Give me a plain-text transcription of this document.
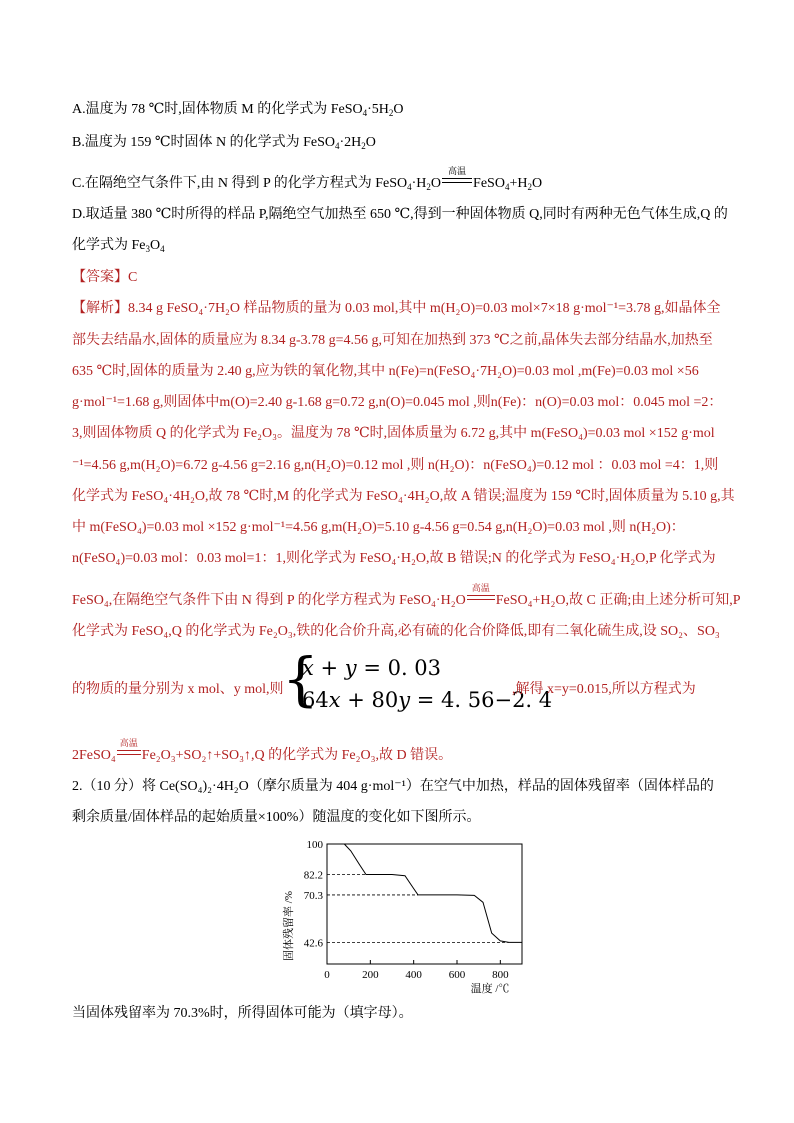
A.温度为 78 ℃时,固体物质 M 的化学式为 $FeSO_4\cdot 5H_2O$
B.温度为 159 ℃时固体 N 的化学式为 $FeSO_4\cdot 2H_2O$
C.在隔绝空气条件下,由 N 得到 P 的化学方程式为 $FeSO_4\cdot H_2O$
高温
$FeSO_4+H_2O$
D.取适量 380 ℃时所得的样品 P,隔绝空气加热至 650 ℃,得到一种固体物质 Q,同时有两种无色气体生成,Q 的
化学式为 $Fe_3O_4$
【答案】C
【解析】8.34 g FeSO₄·7H₂O 样品物质的量为 0.03 mol,其中 m(H₂O)=0.03 mol×7×18 g·mol⁻¹=3.78 g,如晶体全
部失去结晶水,固体的质量应为 8.34 g-3.78 g=4.56 g,可知在加热到 373 ℃之前,晶体失去部分结晶水,加热至
635 ℃时,固体的质量为 2.40 g,应为铁的氧化物,其中 n(Fe)=n(FeSO₄·7H₂O)=0.03 mol ,m(Fe)=0.03 mol ×56
g·mol⁻¹=1.68 g,则固体中m(O)=2.40 g-1.68 g=0.72 g,n(O)=0.045 mol ,则n(Fe)：n(O)=0.03 mol：0.045 mol =2：
3,则固体物质 Q 的化学式为 Fe₂O₃。温度为 78 ℃时,固体质量为 6.72 g,其中 m(FeSO₄)=0.03 mol ×152 g·mol
⁻¹=4.56 g,m(H₂O)=6.72 g-4.56 g=2.16 g,n(H₂O)=0.12 mol ,则 n(H₂O)：n(FeSO₄)=0.12 mol ：0.03 mol =4：1,则
化学式为 FeSO₄·4H₂O,故 78 ℃时,M 的化学式为 FeSO₄·4H₂O,故 A 错误;温度为 159 ℃时,固体质量为 5.10 g,其
中 m(FeSO₄)=0.03 mol ×152 g·mol⁻¹=4.56 g,m(H₂O)=5.10 g-4.56 g=0.54 g,n(H₂O)=0.03 mol ,则 n(H₂O)：
n(FeSO₄)=0.03 mol：0.03 mol=1：1,则化学式为 FeSO₄·H₂O,故 B 错误;N 的化学式为 FeSO₄·H₂O,P 化学式为
FeSO₄,在隔绝空气条件下由 N 得到 P 的化学方程式为 FeSO₄·H₂O
高温
FeSO₄+H₂O,故 C 正确;由上述分析可知,P
化学式为 FeSO₄,Q 的化学式为 Fe₂O₃,铁的化合价升高,必有硫的化合价降低,即有二氧化硫生成,设 SO₂、SO₃
的物质的量分别为 x mol、y mol,则
{
𝑥 + 𝑦 = 0. 03
64𝑥 + 80𝑦 = 4. 56−2. 4
,解得 x=y=0.015,所以方程式为
2FeSO₄
高温
Fe₂O₃+SO₂↑+SO₃↑,Q 的化学式为 Fe₂O₃,故 D 错误。
2.（10 分）将 Ce(SO₄)₂·4H₂O（摩尔质量为 404 g·mol⁻¹）在空气中加热，样品的固体残留率（固体样品的
剩余质量/固体样品的起始质量×100%）随温度的变化如下图所示。
固体残留率 /%
100
82.2
70.3
42.6
0	200 400 600 800
温度 /℃
当固体残留率为 70.3%时，所得固体可能为（填字母）。
